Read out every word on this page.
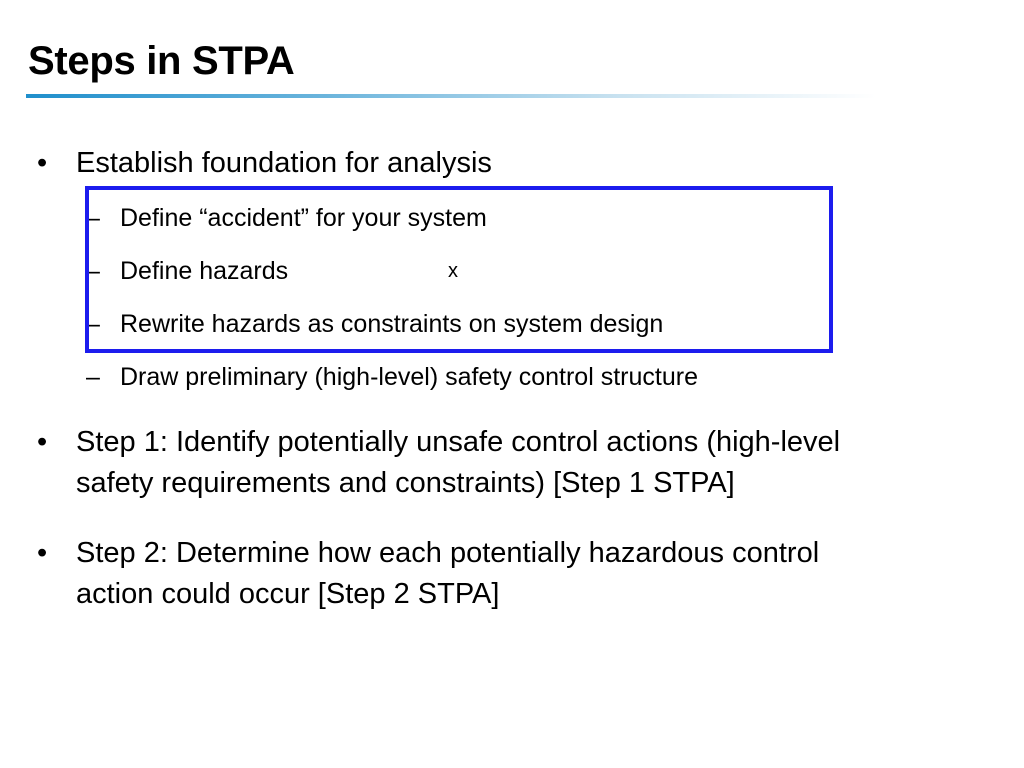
Steps in STPA
• Establish foundation for analysis
– Define “accident” for your system
– Define hazards
– Rewrite hazards as constraints on system design
– Draw preliminary (high-level) safety control structure
x
• Step 1: Identify potentially unsafe control actions (high-level
safety requirements and constraints) [Step 1 STPA]
• Step 2: Determine how each potentially hazardous control
action could occur [Step 2 STPA]
